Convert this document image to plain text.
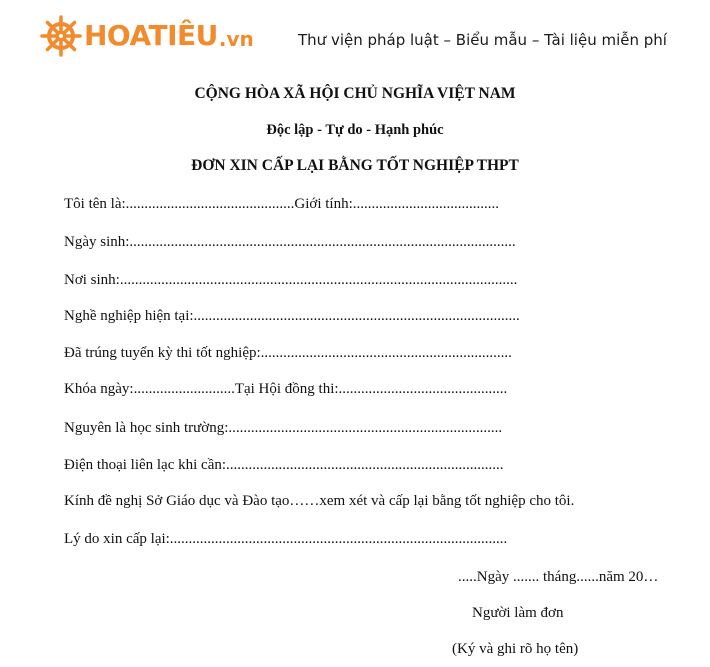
HOATIÊU .vn	Thư viện pháp luật – Biểu mẫu – Tài liệu miễn phí
CỘNG HÒA XÃ HỘI CHỦ NGHĨA VIỆT NAM
Độc lập - Tự do - Hạnh phúc
ĐƠN XIN CẤP LẠI BẰNG TỐT NGHIỆP THPT
Tôi tên là:.............................................Giới tính:.......................................
Ngày sinh:.......................................................................................................
Nơi sinh:..........................................................................................................
Nghề nghiệp hiện tại:.......................................................................................
Đã trúng tuyển kỳ thi tốt nghiệp:...................................................................
Khóa ngày:...........................Tại Hội đồng thi:.............................................
Nguyên là học sinh trường:.........................................................................
Điện thoại liên lạc khi cần:..........................................................................
Kính đề nghị Sở Giáo dục và Đào tạo……xem xét và cấp lại bằng tốt nghiệp cho tôi.
Lý do xin cấp lại:..........................................................................................
.....Ngày ....... tháng......năm 20…
Người làm đơn
(Ký và ghi rõ họ tên)
